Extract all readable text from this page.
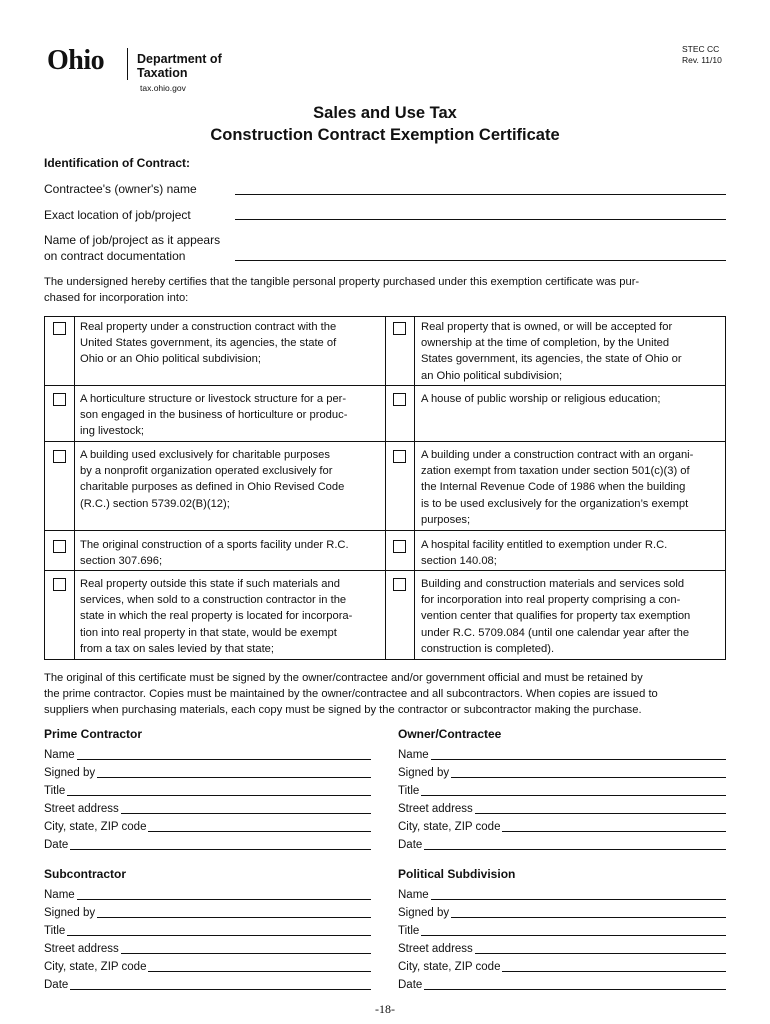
Ohio	Department of
Taxation
tax.ohio.gov
STEC CC
Rev. 11/10
Sales and Use Tax
Construction Contract Exemption Certificate
Identification of Contract:
Contractee's (owner's) name
Exact location of job/project
Name of job/project as it appears
on contract documentation
The undersigned hereby certifies that the tangible personal property purchased under this exemption certificate was pur-
chased for incorporation into:
Real property under a construction contract with the
United States government, its agencies, the state of
Ohio or an Ohio political subdivision;
Real property that is owned, or will be accepted for
ownership at the time of completion, by the United
States government, its agencies, the state of Ohio or
an Ohio political subdivision;
A horticulture structure or livestock structure for a per-
son engaged in the business of horticulture or produc-
ing livestock;
A house of public worship or religious education;
A building used exclusively for charitable purposes
by a nonprofit organization operated exclusively for
charitable purposes as defined in Ohio Revised Code
(R.C.) section 5739.02(B)(12);
A building under a construction contract with an organi-
zation exempt from taxation under section 501(c)(3) of
the Internal Revenue Code of 1986 when the building
is to be used exclusively for the organization’s exempt
purposes;
The original construction of a sports facility under R.C.
section 307.696;
A hospital facility entitled to exemption under R.C.
section 140.08;
Real property outside this state if such materials and
services, when sold to a construction contractor in the
state in which the real property is located for incorpora-
tion into real property in that state, would be exempt
from a tax on sales levied by that state;
Building and construction materials and services sold
for incorporation into real property comprising a con-
vention center that qualifies for property tax exemption
under R.C. 5709.084 (until one calendar year after the
construction is completed).
The original of this certificate must be signed by the owner/contractee and/or government official and must be retained by
the prime contractor. Copies must be maintained by the owner/contractee and all subcontractors. When copies are issued to
suppliers when purchasing materials, each copy must be signed by the contractor or subcontractor making the purchase.
Prime Contractor
Name
Signed by
Title
Street address
City, state, ZIP code
Date
Owner/Contractee
Name
Signed by
Title
Street address
City, state, ZIP code
Date
Subcontractor
Name
Signed by
Title
Street address
City, state, ZIP code
Date
Political Subdivision
Name
Signed by
Title
Street address
City, state, ZIP code
Date
-18-
